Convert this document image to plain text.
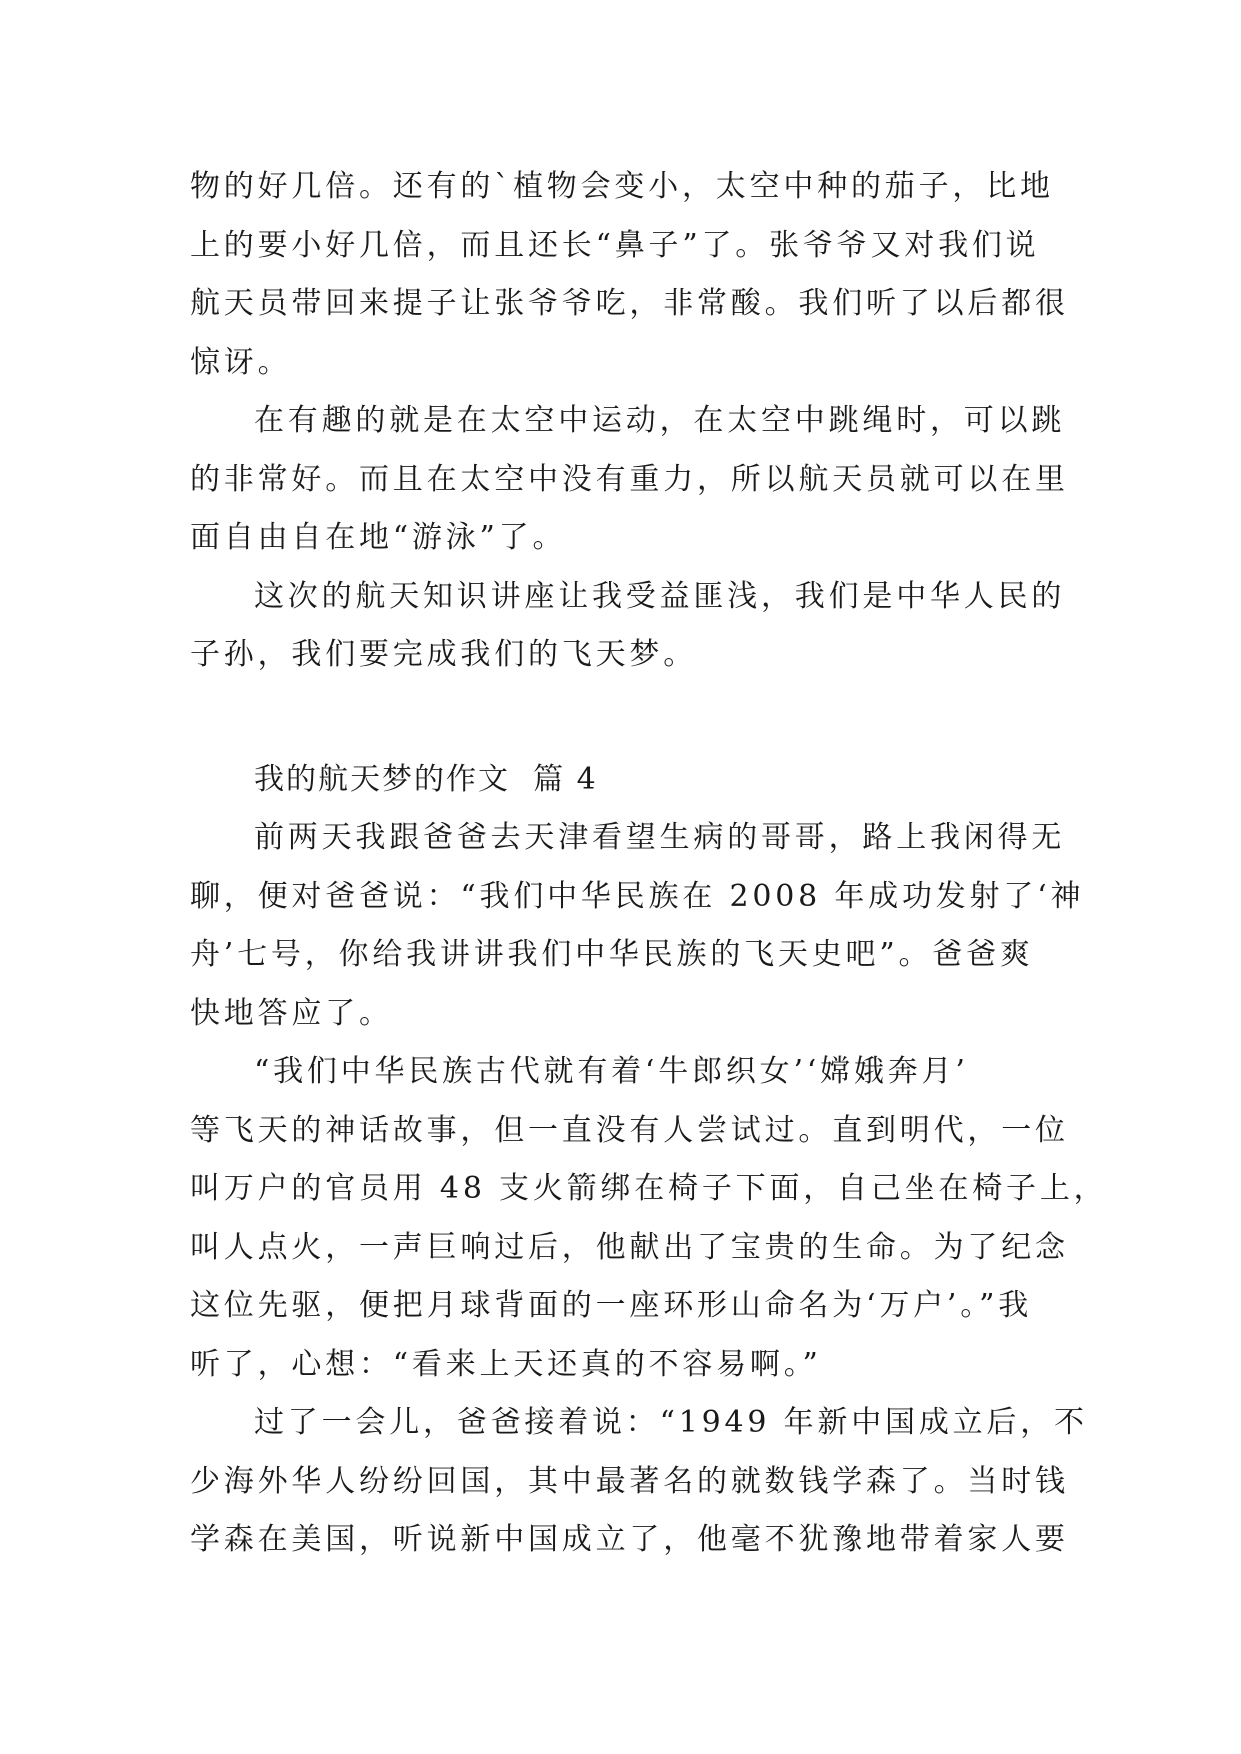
物的好几倍。还有的`植物会变小，太空中种的茄子，比地
上的要小好几倍，而且还长“鼻子”了。张爷爷又对我们说
航天员带回来提子让张爷爷吃，非常酸。我们听了以后都很
惊讶。
在有趣的就是在太空中运动，在太空中跳绳时，可以跳
的非常好。而且在太空中没有重力，所以航天员就可以在里
面自由自在地“游泳”了。
这次的航天知识讲座让我受益匪浅，我们是中华人民的
子孙，我们要完成我们的飞天梦。
我的航天梦的作文  篇 4
前两天我跟爸爸去天津看望生病的哥哥，路上我闲得无
聊，便对爸爸说：“我们中华民族在 2008 年成功发射了‘神
舟’七号，你给我讲讲我们中华民族的飞天史吧”。爸爸爽
快地答应了。
“我们中华民族古代就有着‘牛郎织女’‘嫦娥奔月’
等飞天的神话故事，但一直没有人尝试过。直到明代，一位
叫万户的官员用 48 支火箭绑在椅子下面，自己坐在椅子上，
叫人点火，一声巨响过后，他献出了宝贵的生命。为了纪念
这位先驱，便把月球背面的一座环形山命名为‘万户’。”我
听了，心想：“看来上天还真的不容易啊。”
过了一会儿，爸爸接着说：“1949 年新中国成立后，不
少海外华人纷纷回国，其中最著名的就数钱学森了。当时钱
学森在美国，听说新中国成立了，他毫不犹豫地带着家人要
